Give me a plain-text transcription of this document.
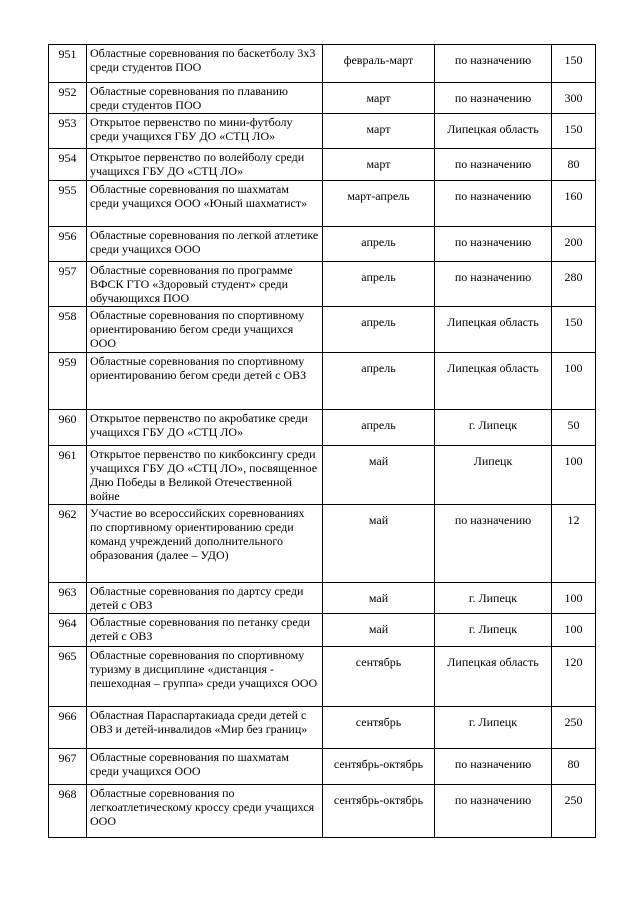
951	Областные соревнования по баскетболу 3х3 среди студентов ПОО	февраль-март	по назначению	150
952	Областные соревнования по плаванию среди студентов ПОО	март	по назначению	300
953	Открытое первенство по мини-футболу среди учащихся ГБУ ДО «СТЦ ЛО»	март	Липецкая область	150
954	Открытое первенство по волейболу среди учащихся ГБУ ДО «СТЦ ЛО»	март	по назначению	80
955	Областные соревнования по шахматам среди учащихся ООО «Юный шахматист»	март-апрель	по назначению	160
956	Областные соревнования по легкой атлетике среди учащихся ООО	апрель	по назначению	200
957	Областные соревнования по программе ВФСК ГТО «Здоровый студент» среди обучающихся ПОО	апрель	по назначению	280
958	Областные соревнования по спортивному ориентированию бегом среди учащихся ООО	апрель	Липецкая область	150
959	Областные соревнования по спортивному ориентированию бегом среди детей с ОВЗ	апрель	Липецкая область	100
960	Открытое первенство по акробатике среди учащихся ГБУ ДО «СТЦ ЛО»	апрель	г. Липецк	50
961	Открытое первенство по кикбоксингу среди учащихся ГБУ ДО «СТЦ ЛО», посвященное Дню Победы в Великой Отечественной войне	май	Липецк	100
962	Участие во всероссийских соревнованиях по спортивному ориентированию среди команд учреждений дополнительного образования (далее – УДО)	май	по назначению	12
963	Областные соревнования по дартсу среди детей с ОВЗ	май	г. Липецк	100
964	Областные соревнования по петанку среди детей с ОВЗ	май	г. Липецк	100
965	Областные соревнования по спортивному туризму в дисциплине «дистанция - пешеходная – группа» среди учащихся ООО	сентябрь	Липецкая область	120
966	Областная Параспартакиада среди детей с ОВЗ и детей-инвалидов «Мир без границ»	сентябрь	г. Липецк	250
967	Областные соревнования по шахматам среди учащихся ООО	сентябрь-октябрь	по назначению	80
968	Областные соревнования по легкоатлетическому кроссу среди учащихся ООО	сентябрь-октябрь	по назначению	250
